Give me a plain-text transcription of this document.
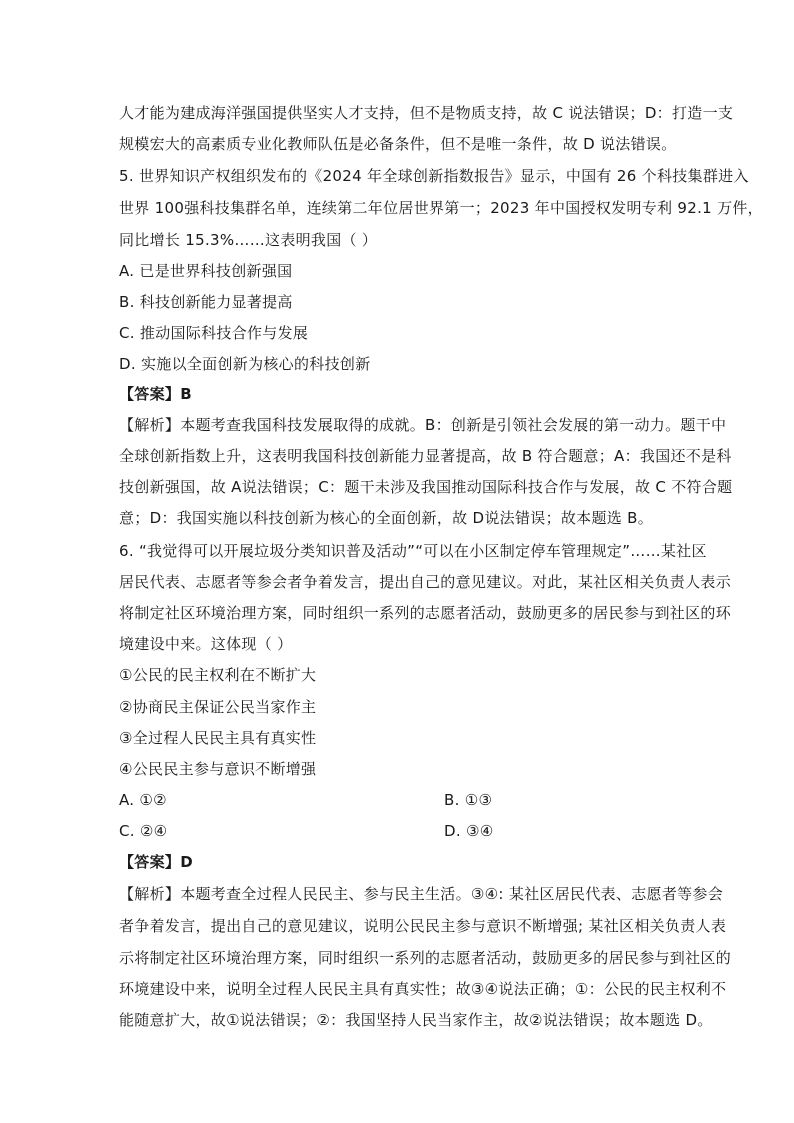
人才能为建成海洋强国提供坚实人才支持，但不是物质支持，故 C 说法错误；D：打造一支
规模宏大的高素质专业化教师队伍是必备条件，但不是唯一条件，故 D 说法错误。
5. 世界知识产权组织发布的《2024 年全球创新指数报告》显示，中国有 26 个科技集群进入
世界 100强科技集群名单，连续第二年位居世界第一；2023 年中国授权发明专利 92.1 万件，
同比增长 15.3%……这表明我国（ ）
A. 已是世界科技创新强国
B. 科技创新能力显著提高
C. 推动国际科技合作与发展
D. 实施以全面创新为核心的科技创新
【答案】B
【解析】本题考查我国科技发展取得的成就。B：创新是引领社会发展的第一动力。题干中
全球创新指数上升，这表明我国科技创新能力显著提高，故 B 符合题意；A：我国还不是科
技创新强国，故 A说法错误；C：题干未涉及我国推动国际科技合作与发展，故 C 不符合题
意；D：我国实施以科技创新为核心的全面创新，故 D说法错误；故本题选 B。
6. “我觉得可以开展垃圾分类知识普及活动”“可以在小区制定停车管理规定”……某社区
居民代表、志愿者等参会者争着发言，提出自己的意见建议。对此，某社区相关负责人表示
将制定社区环境治理方案，同时组织一系列的志愿者活动，鼓励更多的居民参与到社区的环
境建设中来。这体现（ ）
①公民的民主权利在不断扩大
②协商民主保证公民当家作主
③全过程人民民主具有真实性
④公民民主参与意识不断增强
A. ①②	B. ①③
C. ②④	D. ③④
【答案】D
【解析】本题考查全过程人民民主、参与民主生活。③④: 某社区居民代表、志愿者等参会
者争着发言，提出自己的意见建议，说明公民民主参与意识不断增强; 某社区相关负责人表
示将制定社区环境治理方案，同时组织一系列的志愿者活动，鼓励更多的居民参与到社区的
环境建设中来，说明全过程人民民主具有真实性；故③④说法正确；①：公民的民主权利不
能随意扩大，故①说法错误；②：我国坚持人民当家作主，故②说法错误；故本题选 D。
